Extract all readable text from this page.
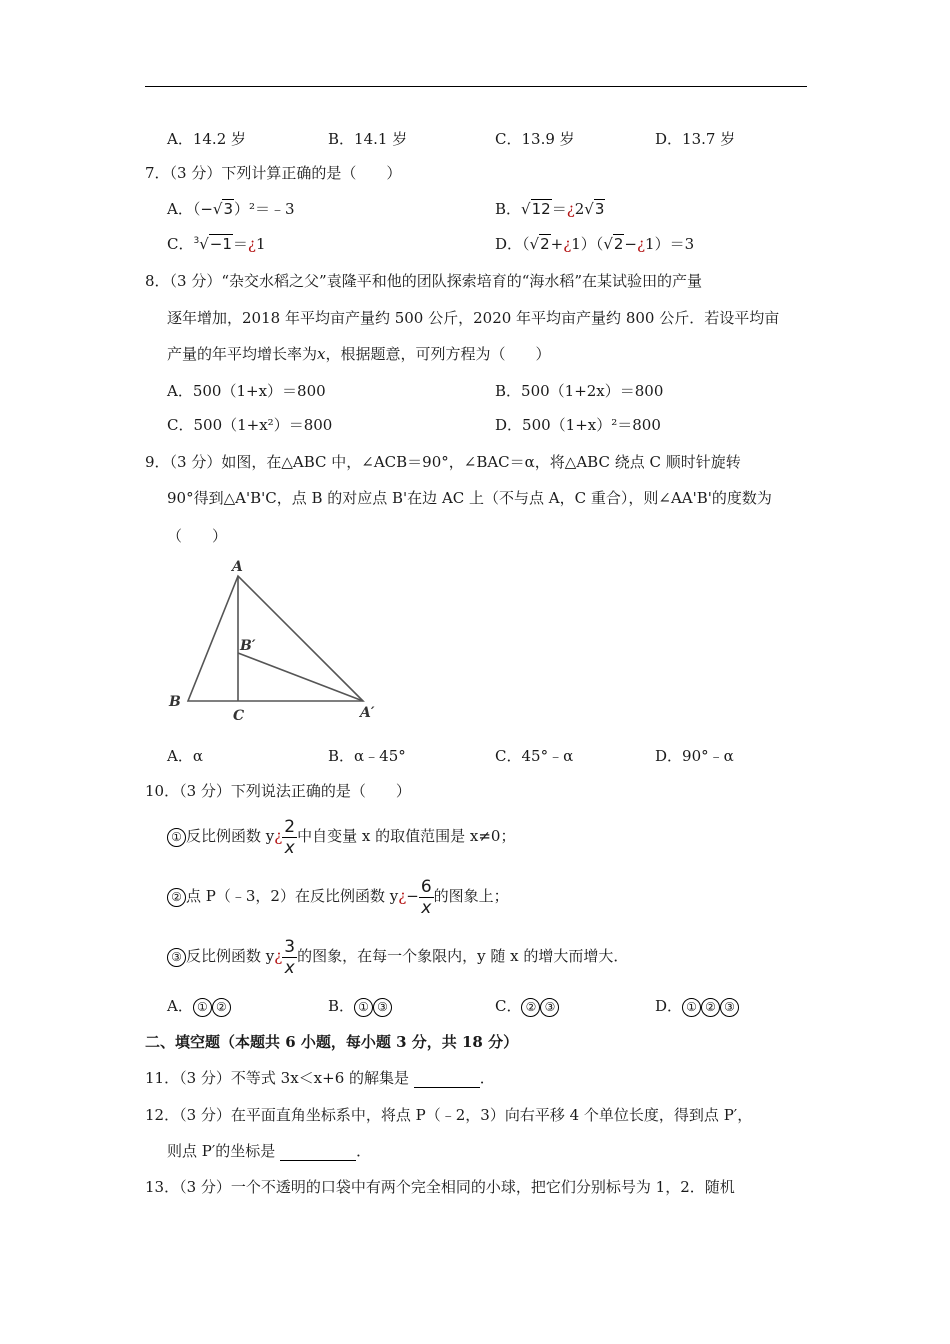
A．14.2 岁	B．14.1 岁	C．13.9 岁	D．13.7 岁
7．（3 分）下列计算正确的是（　　）
A．（−√3）²＝﹣3	B．√12＝¿2√3
C．$^3$√−1＝¿1	D．（√2+¿1）（√2−¿1）＝3
8．（3 分）“杂交水稻之父”袁隆平和他的团队探索培育的“海水稻”在某试验田的产量
逐年增加，2018 年平均亩产量约 500 公斤，2020 年平均亩产量约 800 公斤．若设平均亩
产量的年平均增长率为x，根据题意，可列方程为（　　）
A．500（1+x）＝800	B．500（1+2x）＝800
C．500（1+x²）＝800	D．500（1+x）²＝800
9．（3 分）如图，在△ABC 中，∠ACB＝90°，∠BAC＝α，将△ABC 绕点 C 顺时针旋转
90°得到△A'B'C，点 B 的对应点 B'在边 AC 上（不与点 A，C 重合），则∠AA'B'的度数为
（　　）
A
B
C
B′
A′
A．α	B．α﹣45°	C．45°﹣α	D．90°﹣α
10．（3 分）下列说法正确的是（　　）
① 反比例函数 y¿ $\frac{2}{x}$ 中自变量 x 的取值范围是 x≠0；
② 点 P（﹣3，2）在反比例函数 y¿− $\frac{6}{x}$ 的图象上；
③ 反比例函数 y¿ $\frac{3}{x}$ 的图象，在每一个象限内，y 随 x 的增大而增大．
A． ① ②	B． ① ③	C． ② ③	D． ① ② ③
二、填空题（本题共 6 小题，每小题 3 分，共 18 分）
11．（3 分）不等式 3x＜x+6 的解集是	．
12．（3 分）在平面直角坐标系中，将点 P（﹣2，3）向右平移 4 个单位长度，得到点 P′，
则点 P′的坐标是	．
13．（3 分）一个不透明的口袋中有两个完全相同的小球，把它们分别标号为 1，2．随机
